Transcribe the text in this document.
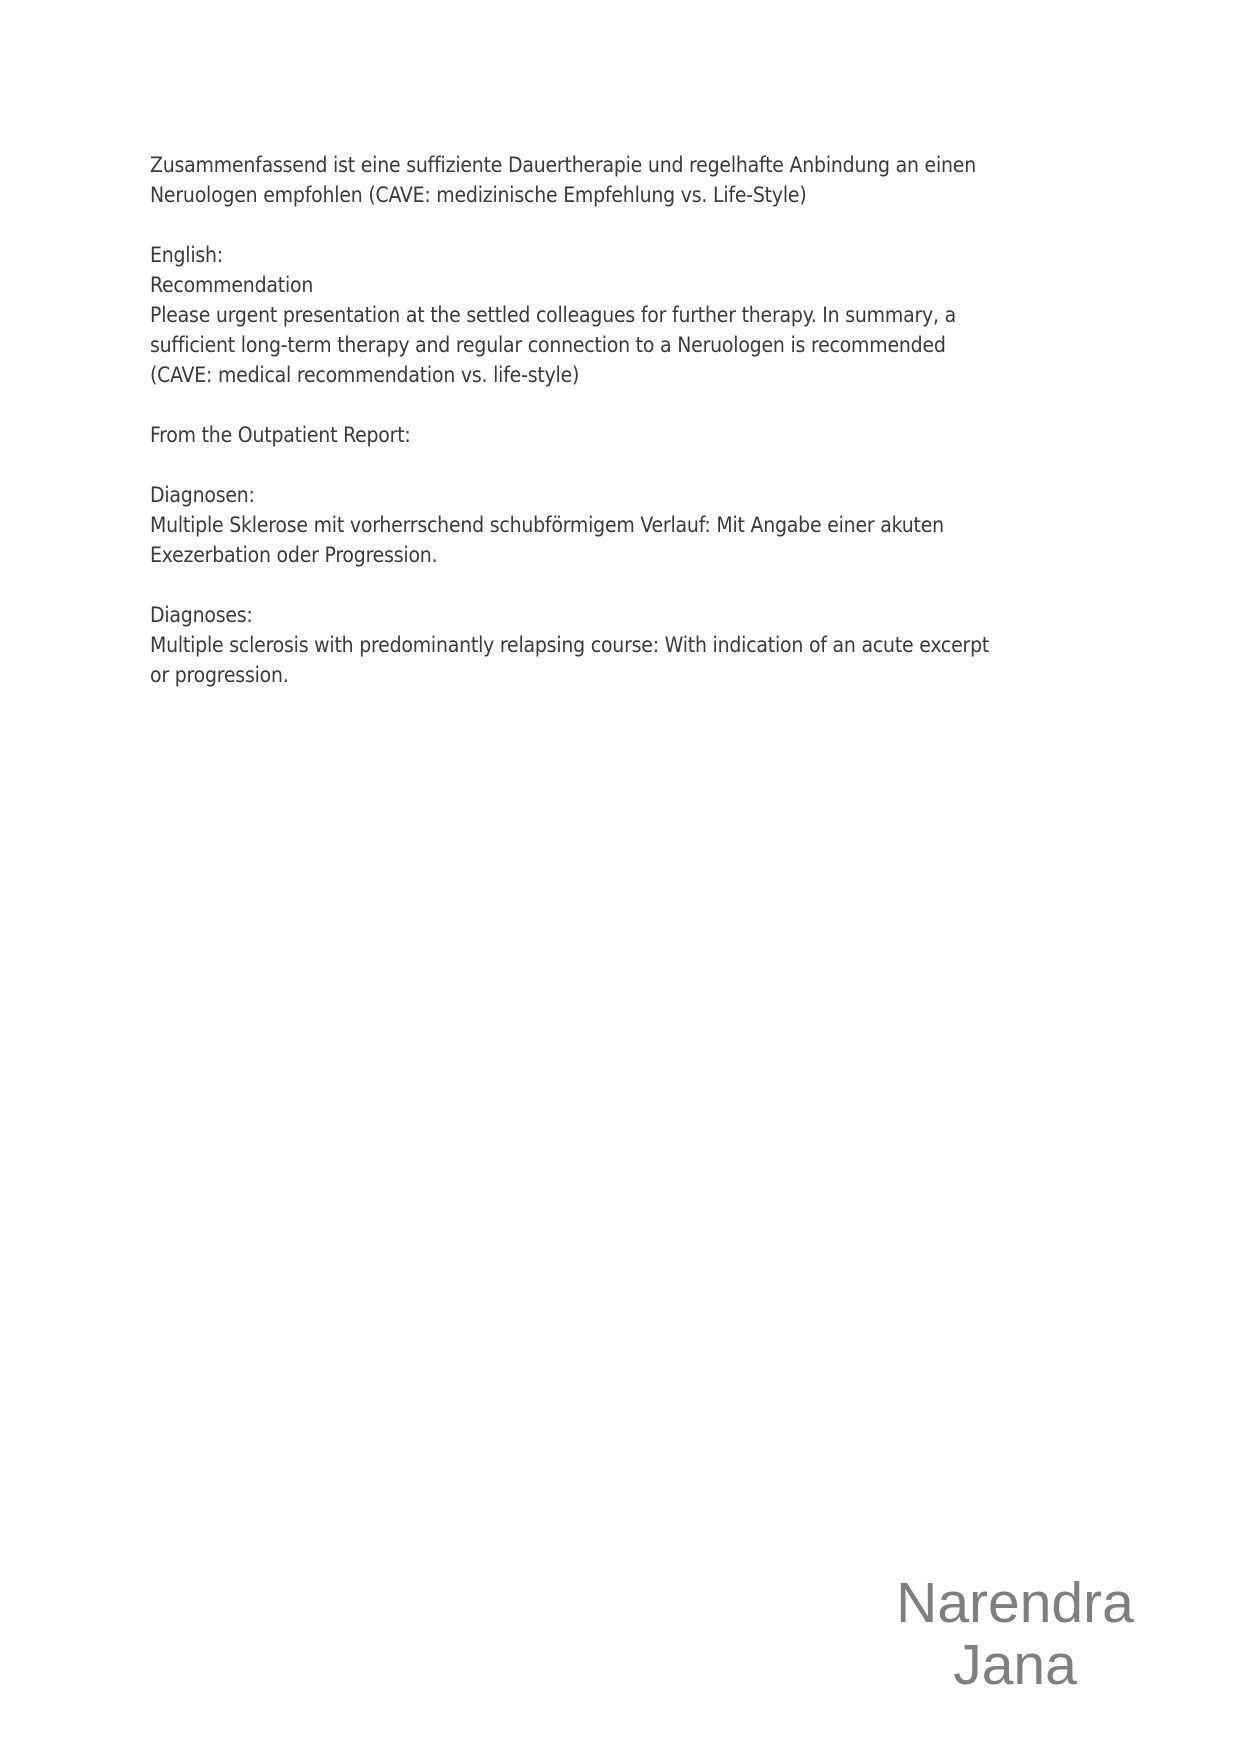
Zusammenfassend ist eine suffiziente Dauertherapie und regelhafte Anbindung an einen
Neruologen empfohlen (CAVE: medizinische Empfehlung vs. Life-Style)

English:
Recommendation
Please urgent presentation at the settled colleagues for further therapy. In summary, a
sufficient long-term therapy and regular connection to a Neruologen is recommended
(CAVE: medical recommendation vs. life-style)

From the Outpatient Report:

Diagnosen:
Multiple Sklerose mit vorherrschend schubförmigem Verlauf: Mit Angabe einer akuten
Exezerbation oder Progression.

Diagnoses:
Multiple sclerosis with predominantly relapsing course: With indication of an acute excerpt
or progression.

Narendra
Jana
